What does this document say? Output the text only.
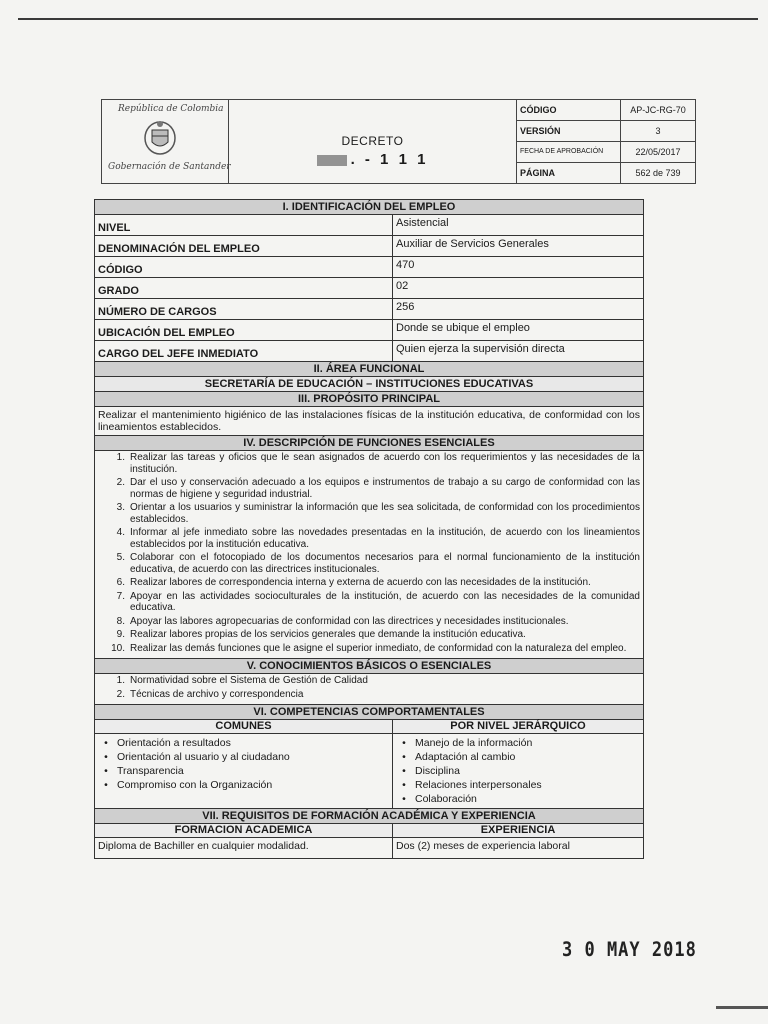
República de Colombia
Gobernación de Santander
DECRETO
. - 1 1 1
CÓDIGO	AP-JC-RG-70
VERSIÓN	3
FECHA DE APROBACIÓN	22/05/2017
PÁGINA	562 de 739
I. IDENTIFICACIÓN DEL EMPLEO
NIVEL	Asistencial
DENOMINACIÓN DEL EMPLEO	Auxiliar de Servicios Generales
CÓDIGO	470
GRADO	02
NÚMERO DE CARGOS	256
UBICACIÓN DEL EMPLEO	Donde se ubique el empleo
CARGO DEL JEFE INMEDIATO	Quien ejerza la supervisión directa
II. ÁREA FUNCIONAL
SECRETARÍA DE EDUCACIÓN – INSTITUCIONES EDUCATIVAS
III. PROPÓSITO PRINCIPAL
Realizar el mantenimiento higiénico de las instalaciones físicas de la institución educativa, de conformidad con los lineamientos establecidos.
IV. DESCRIPCIÓN DE FUNCIONES ESENCIALES
1. Realizar las tareas y oficios que le sean asignados de acuerdo con los requerimientos y las necesidades de la institución.
2. Dar el uso y conservación adecuado a los equipos e instrumentos de trabajo a su cargo de conformidad con las normas de higiene y seguridad industrial.
3. Orientar a los usuarios y suministrar la información que les sea solicitada, de conformidad con los procedimientos establecidos.
4. Informar al jefe inmediato sobre las novedades presentadas en la institución, de acuerdo con los lineamientos establecidos por la institución educativa.
5. Colaborar con el fotocopiado de los documentos necesarios para el normal funcionamiento de la institución educativa, de acuerdo con las directrices institucionales.
6. Realizar labores de correspondencia interna y externa de acuerdo con las necesidades de la institución.
7. Apoyar en las actividades socioculturales de la institución, de acuerdo con las necesidades de la comunidad educativa.
8. Apoyar las labores agropecuarias de conformidad con las directrices y necesidades institucionales.
9. Realizar labores propias de los servicios generales que demande la institución educativa.
10. Realizar las demás funciones que le asigne el superior inmediato, de conformidad con la naturaleza del empleo.
V. CONOCIMIENTOS BÁSICOS O ESENCIALES
1. Normatividad sobre el Sistema de Gestión de Calidad
2. Técnicas de archivo y correspondencia
VI. COMPETENCIAS COMPORTAMENTALES
COMUNES
• Orientación a resultados
• Orientación al usuario y al ciudadano
• Transparencia
• Compromiso con la Organización
POR NIVEL JERÁRQUICO
• Manejo de la información
• Adaptación al cambio
• Disciplina
• Relaciones interpersonales
• Colaboración
VII. REQUISITOS DE FORMACIÓN ACADÉMICA Y EXPERIENCIA
FORMACION ACADEMICA
Diploma de Bachiller en cualquier modalidad.
EXPERIENCIA
Dos (2) meses de experiencia laboral
3 0 MAY 2018
